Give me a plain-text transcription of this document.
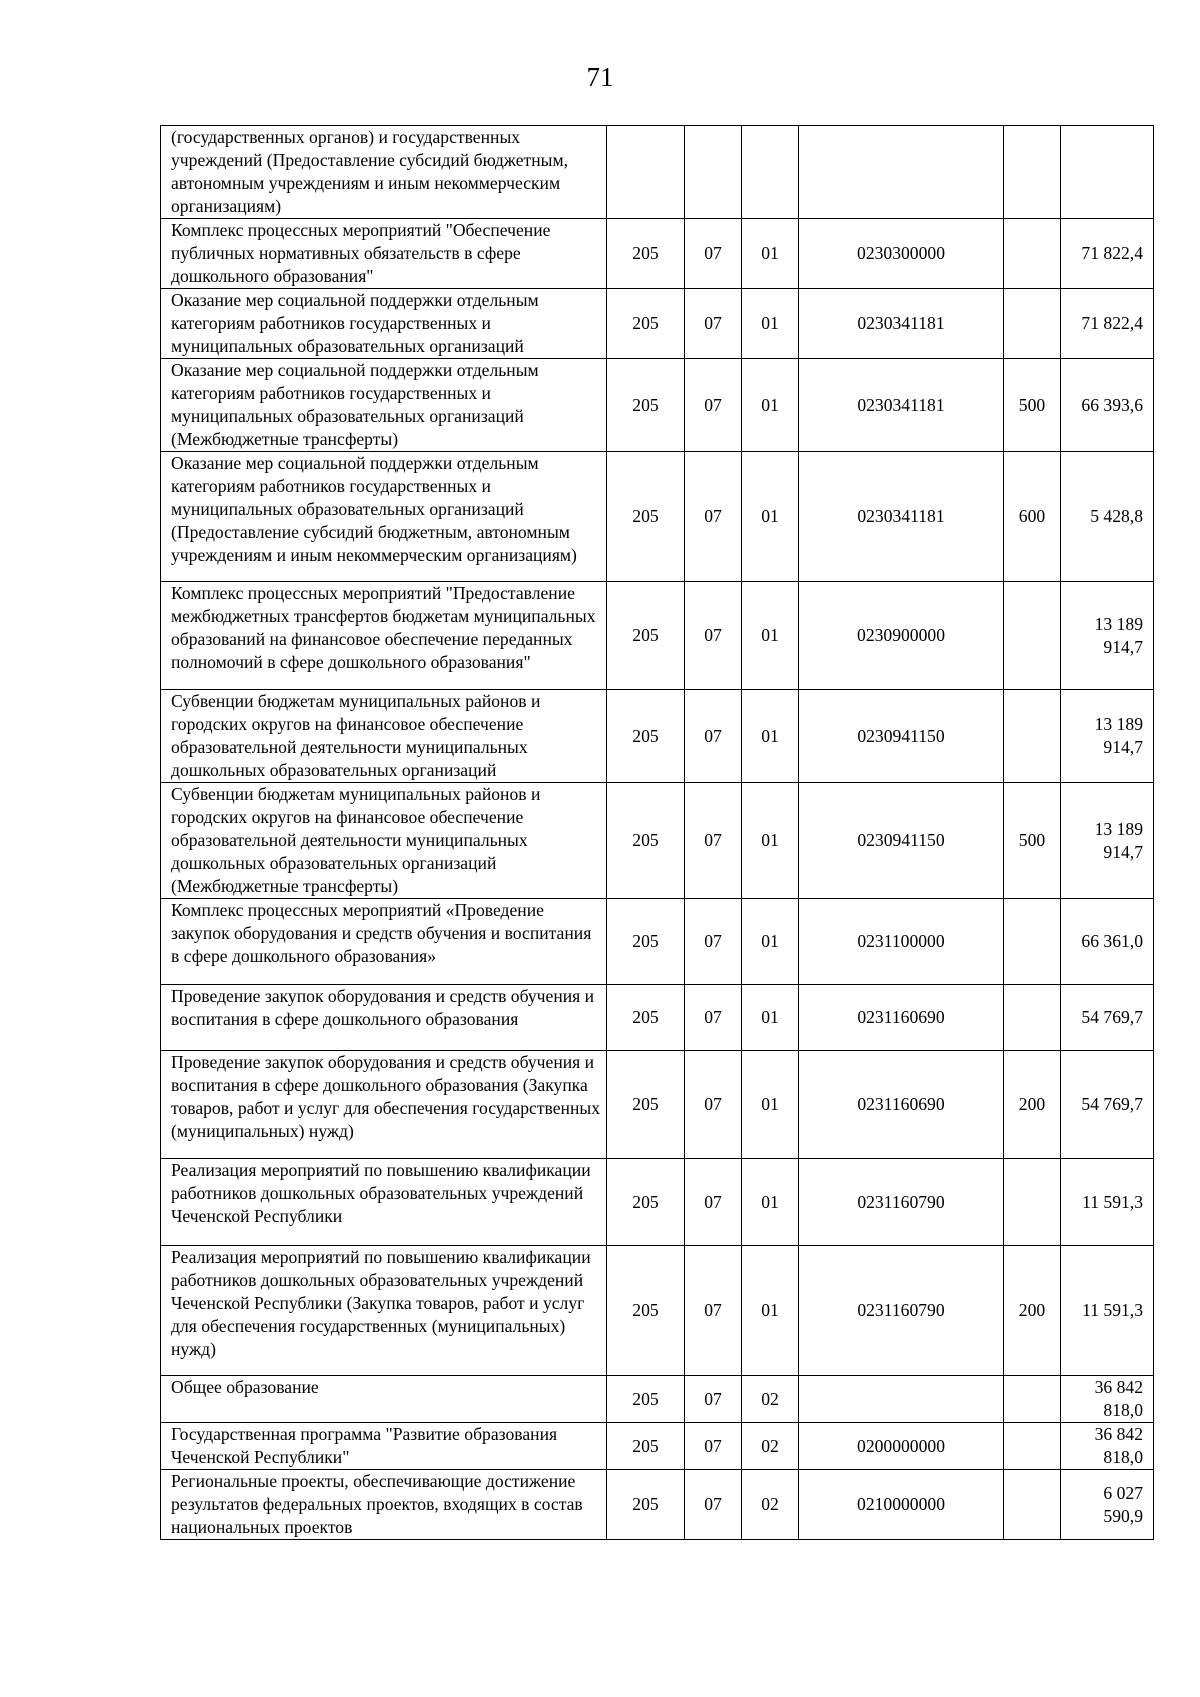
71
(государственных органов) и государственных учреждений (Предоставление субсидий бюджетным, автономным учреждениям и иным некоммерческим организациям)						
Комплекс процессных мероприятий "Обеспечение публичных нормативных обязательств в сфере дошкольного образования"	205	07	01	0230300000		71 822,4
Оказание мер социальной поддержки отдельным категориям работников государственных и муниципальных образовательных организаций	205	07	01	0230341181		71 822,4
Оказание мер социальной поддержки отдельным категориям работников государственных и муниципальных образовательных организаций (Межбюджетные трансферты)	205	07	01	0230341181	500	66 393,6
Оказание мер социальной поддержки отдельным категориям работников государственных и муниципальных образовательных организаций (Предоставление субсидий бюджетным, автономным учреждениям и иным некоммерческим организациям)	205	07	01	0230341181	600	5 428,8
Комплекс процессных мероприятий "Предоставление межбюджетных трансфертов бюджетам муниципальных образований на финансовое обеспечение переданных полномочий в сфере дошкольного образования"	205	07	01	0230900000		13 189 914,7
Субвенции бюджетам муниципальных районов и городских округов на финансовое обеспечение образовательной деятельности муниципальных дошкольных образовательных организаций	205	07	01	0230941150		13 189 914,7
Субвенции бюджетам муниципальных районов и городских округов на финансовое обеспечение образовательной деятельности муниципальных дошкольных образовательных организаций (Межбюджетные трансферты)	205	07	01	0230941150	500	13 189 914,7
Комплекс процессных мероприятий «Проведение закупок оборудования и средств обучения и воспитания в сфере дошкольного образования»	205	07	01	0231100000		66 361,0
Проведение закупок оборудования и средств обучения и воспитания в сфере дошкольного образования	205	07	01	0231160690		54 769,7
Проведение закупок оборудования и средств обучения и воспитания в сфере дошкольного образования (Закупка товаров, работ и услуг для обеспечения государственных (муниципальных) нужд)	205	07	01	0231160690	200	54 769,7
Реализация мероприятий по повышению квалификации работников дошкольных образовательных учреждений Чеченской Республики	205	07	01	0231160790		11 591,3
Реализация мероприятий по повышению квалификации работников дошкольных образовательных учреждений Чеченской Республики (Закупка товаров, работ и услуг для обеспечения государственных (муниципальных) нужд)	205	07	01	0231160790	200	11 591,3
Общее образование	205	07	02			36 842 818,0
Государственная программа "Развитие образования Чеченской Республики"	205	07	02	0200000000		36 842 818,0
Региональные проекты, обеспечивающие достижение результатов федеральных проектов, входящих в состав национальных проектов	205	07	02	0210000000		6 027 590,9
